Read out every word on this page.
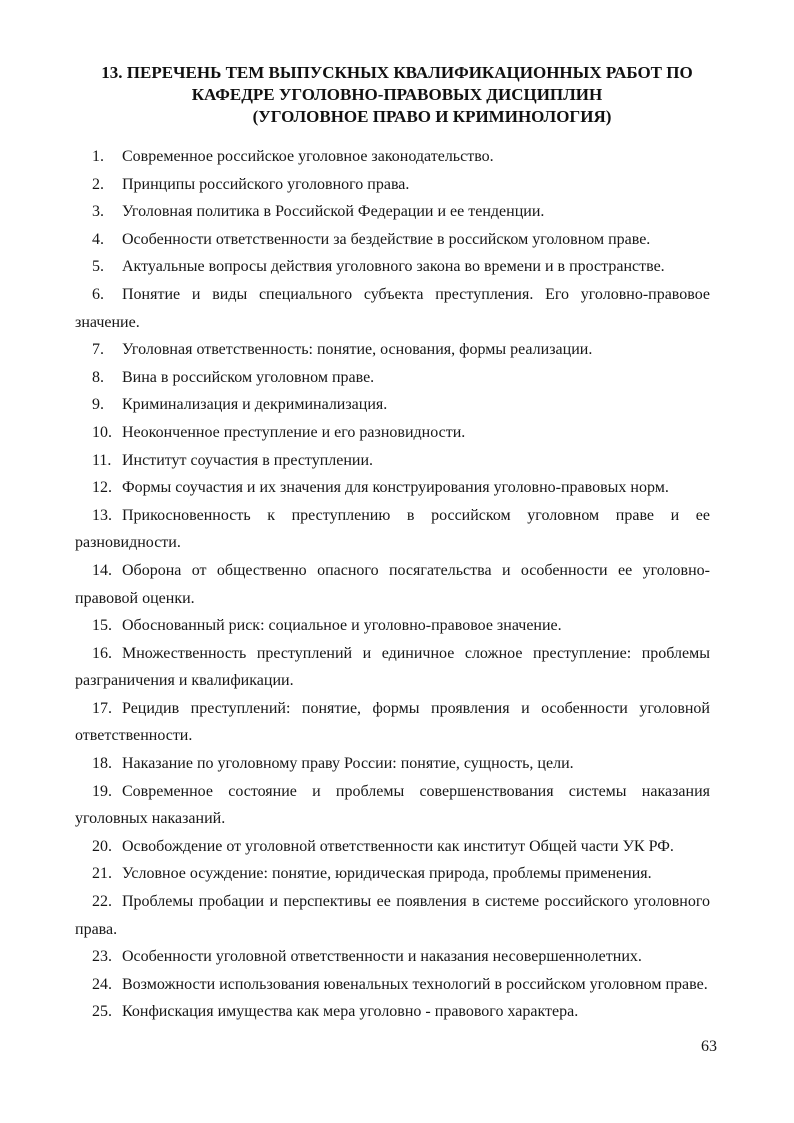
13. ПЕРЕЧЕНЬ ТЕМ ВЫПУСКНЫХ КВАЛИФИКАЦИОННЫХ РАБОТ ПО
КАФЕДРЕ УГОЛОВНО-ПРАВОВЫХ ДИСЦИПЛИН
(УГОЛОВНОЕ ПРАВО И КРИМИНОЛОГИЯ)
1. Современное российское уголовное законодательство.
2. Принципы российского уголовного права.
3. Уголовная политика в Российской Федерации и ее тенденции.
4. Особенности ответственности за бездействие в российском уголовном праве.
5. Актуальные вопросы действия уголовного закона во времени и в пространстве.
6. Понятие и виды специального субъекта преступления. Его уголовно-правовое значение.
7. Уголовная ответственность: понятие, основания, формы реализации.
8. Вина в российском уголовном праве.
9. Криминализация и декриминализация.
10. Неоконченное преступление и его разновидности.
11. Институт соучастия в преступлении.
12. Формы соучастия и их значения для конструирования уголовно-правовых норм.
13. Прикосновенность к преступлению в российском уголовном праве и ее разновидности.
14. Оборона от общественно опасного посягательства и особенности ее уголовно-правовой оценки.
15. Обоснованный риск: социальное и уголовно-правовое значение.
16. Множественность преступлений и единичное сложное преступление: проблемы разграничения и квалификации.
17. Рецидив преступлений: понятие, формы проявления и особенности уголовной ответственности.
18. Наказание по уголовному праву России: понятие, сущность, цели.
19. Современное состояние и проблемы совершенствования системы наказания уголовных наказаний.
20. Освобождение от уголовной ответственности как институт Общей части УК РФ.
21. Условное осуждение: понятие, юридическая природа, проблемы применения.
22. Проблемы пробации и перспективы ее появления в системе российского уголовного права.
23. Особенности уголовной ответственности и наказания несовершеннолетних.
24. Возможности использования ювенальных технологий в российском уголовном праве.
25. Конфискация имущества как мера уголовно - правового характера.
63
